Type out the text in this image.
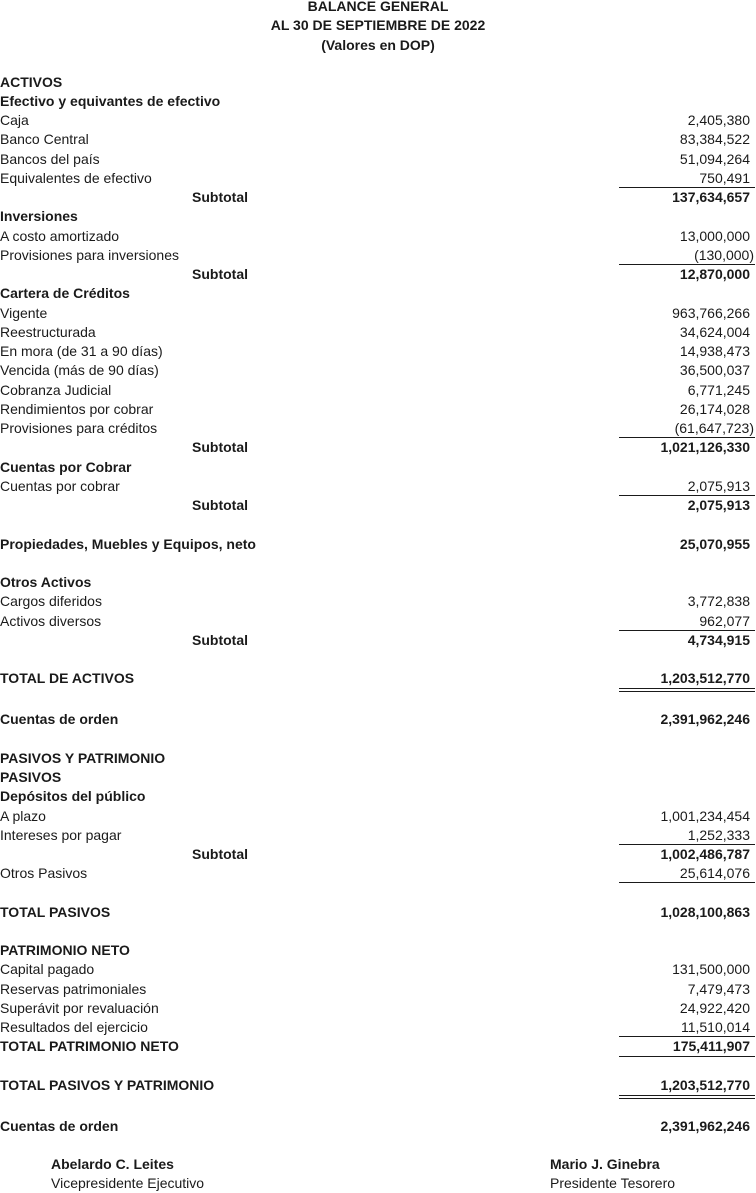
BALANCE GENERAL
AL 30 DE SEPTIEMBRE DE 2022
(Valores en DOP)
ACTIVOS
Efectivo y equivantes de efectivo
Caja	2,405,380
Banco Central	83,384,522
Bancos del país	51,094,264
Equivalentes de efectivo	750,491
Subtotal	137,634,657
Inversiones
A costo amortizado	13,000,000
Provisiones para inversiones	(130,000)
Subtotal	12,870,000
Cartera de Créditos
Vigente	963,766,266
Reestructurada	34,624,004
En mora (de 31 a 90 días)	14,938,473
Vencida (más de 90 días)	36,500,037
Cobranza Judicial	6,771,245
Rendimientos por cobrar	26,174,028
Provisiones para créditos	(61,647,723)
Subtotal	1,021,126,330
Cuentas por Cobrar
Cuentas por cobrar	2,075,913
Subtotal	2,075,913
Propiedades, Muebles y Equipos, neto	25,070,955
Otros Activos
Cargos diferidos	3,772,838
Activos diversos	962,077
Subtotal	4,734,915
TOTAL DE ACTIVOS	1,203,512,770
Cuentas de orden	2,391,962,246
PASIVOS Y PATRIMONIO
PASIVOS
Depósitos del público
A plazo	1,001,234,454
Intereses por pagar	1,252,333
Subtotal	1,002,486,787
Otros Pasivos	25,614,076
TOTAL PASIVOS	1,028,100,863
PATRIMONIO NETO
Capital pagado	131,500,000
Reservas patrimoniales	7,479,473
Superávit por revaluación	24,922,420
Resultados del ejercicio	11,510,014
TOTAL PATRIMONIO NETO	175,411,907
TOTAL PASIVOS Y PATRIMONIO	1,203,512,770
Cuentas de orden	2,391,962,246
Abelardo C. Leites
Vicepresidente Ejecutivo
Mario J. Ginebra
Presidente Tesorero
